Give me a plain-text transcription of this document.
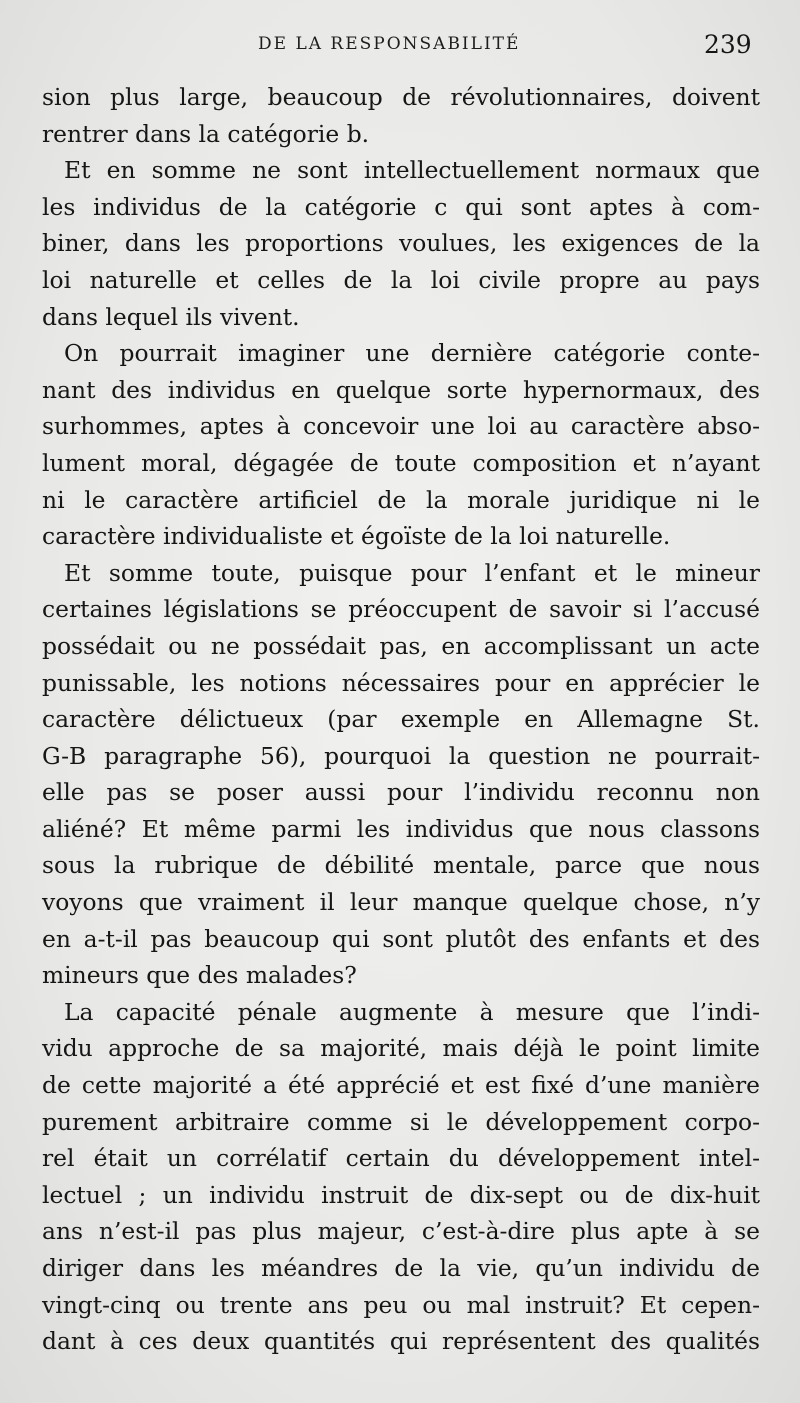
DE LA RESPONSABILITÉ	239
sion plus large, beaucoup de révolutionnaires, doivent
rentrer dans la catégorie b.
Et en somme ne sont intellectuellement normaux que
les individus de la catégorie c qui sont aptes à com-
biner, dans les proportions voulues, les exigences de la
loi naturelle et celles de la loi civile propre au pays
dans lequel ils vivent.
On pourrait imaginer une dernière catégorie conte-
nant des individus en quelque sorte hypernormaux, des
surhommes, aptes à concevoir une loi au caractère abso-
lument moral, dégagée de toute composition et n’ayant
ni le caractère artificiel de la morale juridique ni le
caractère individualiste et égoïste de la loi naturelle.
Et somme toute, puisque pour l’enfant et le mineur
certaines législations se préoccupent de savoir si l’accusé
possédait ou ne possédait pas, en accomplissant un acte
punissable, les notions nécessaires pour en apprécier le
caractère délictueux (par exemple en Allemagne St.
G-B paragraphe 56), pourquoi la question ne pourrait-
elle pas se poser aussi pour l’individu reconnu non
aliéné? Et même parmi les individus que nous classons
sous la rubrique de débilité mentale, parce que nous
voyons que vraiment il leur manque quelque chose, n’y
en a-t-il pas beaucoup qui sont plutôt des enfants et des
mineurs que des malades?
La capacité pénale augmente à mesure que l’indi-
vidu approche de sa majorité, mais déjà le point limite
de cette majorité a été apprécié et est fixé d’une manière
purement arbitraire comme si le développement corpo-
rel était un corrélatif certain du développement intel-
lectuel ; un individu instruit de dix-sept ou de dix-huit
ans n’est-il pas plus majeur, c’est-à-dire plus apte à se
diriger dans les méandres de la vie, qu’un individu de
vingt-cinq ou trente ans peu ou mal instruit? Et cepen-
dant à ces deux quantités qui représentent des qualités
